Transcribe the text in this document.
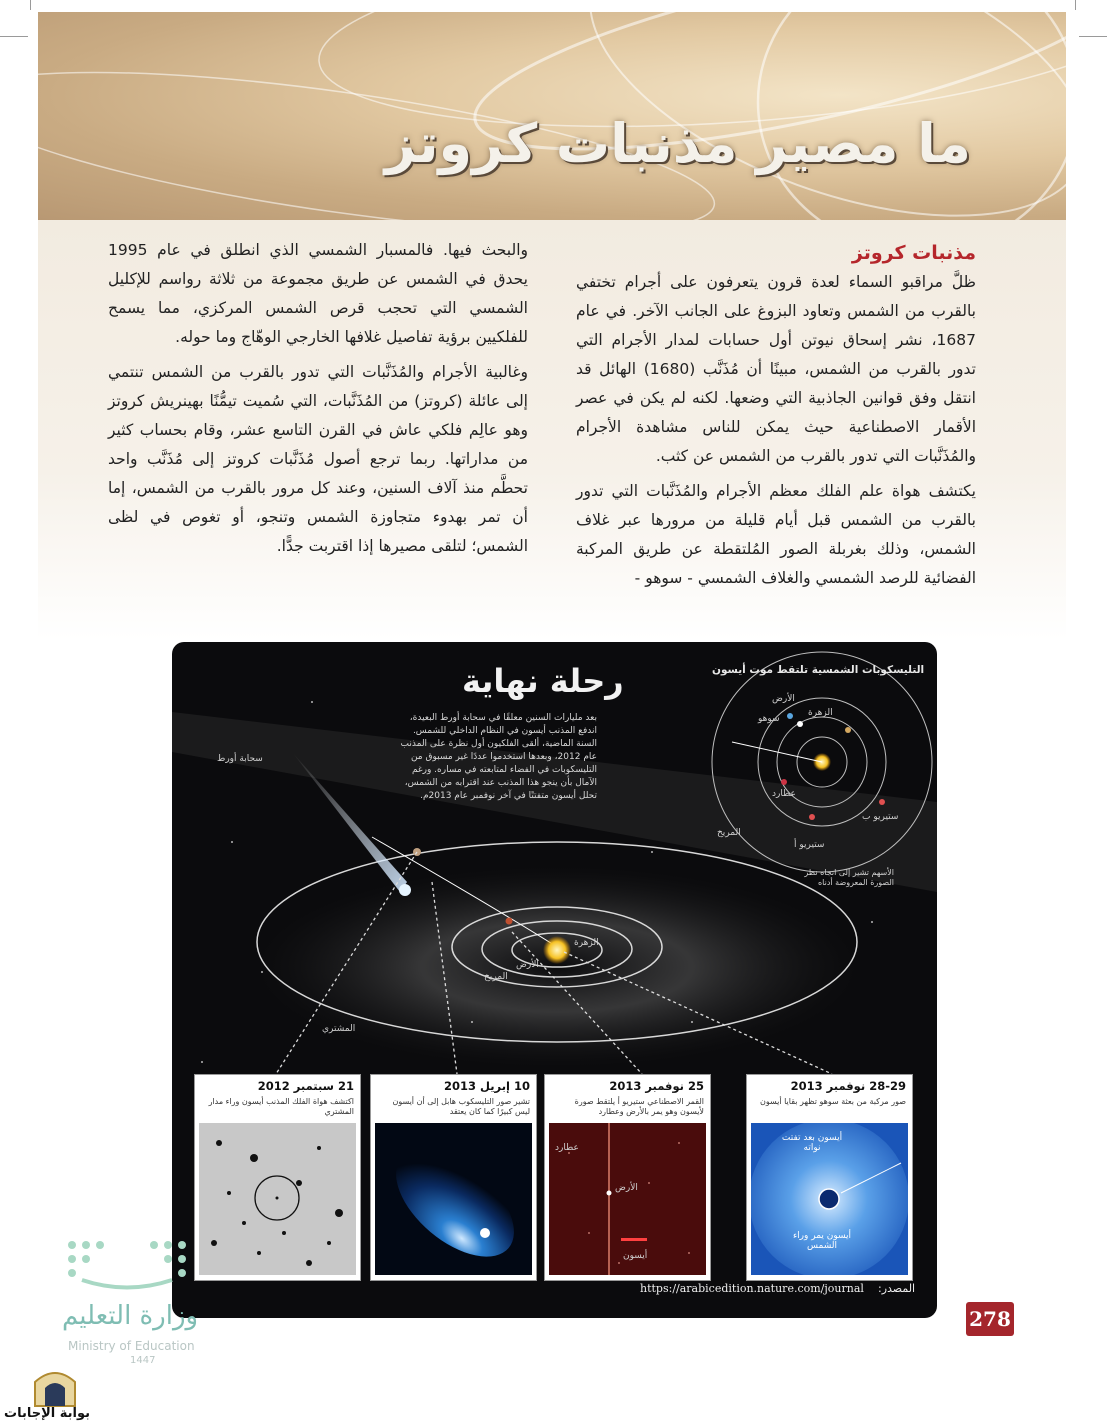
ما مصير مذنبات كروتز
مذنبات كروتز

ظلَّ مراقبو السماء لعدة قرون يتعرفون على أجرام تختفي بالقرب من الشمس وتعاود البزوغ على الجانب الآخر. في عام 1687، نشر إسحاق نيوتن أول حسابات لمدار الأجرام التي تدور بالقرب من الشمس، مبينًا أن مُذَنَّب (1680) الهائل قد انتقل وفق قوانين الجاذبية التي وضعها. لكنه لم يكن في عصر الأقمار الاصطناعية حيث يمكن للناس مشاهدة الأجرام والمُذَنَّبات التي تدور بالقرب من الشمس عن كثب.

يكتشف هواة علم الفلك معظم الأجرام والمُذَنَّبات التي تدور بالقرب من الشمس قبل أيام قليلة من مرورها عبر غلاف الشمس، وذلك بغربلة الصور المُلتقطة عن طريق المركبة الفضائية للرصد الشمسي والغلاف الشمسي - سوهو -

والبحث فيها. فالمسبار الشمسي الذي انطلق في عام 1995 يحدق في الشمس عن طريق مجموعة من ثلاثة رواسم للإكليل الشمسي التي تحجب قرص الشمس المركزي، مما يسمح للفلكيين برؤية تفاصيل غلافها الخارجي الوهّاج وما حوله.

وغالبية الأجرام والمُذَنَّبات التي تدور بالقرب من الشمس تنتمي إلى عائلة (كروتز) من المُذَنَّبات، التي سُميت تيمُّنًا بهينريش كروتز وهو عالِم فلكي عاش في القرن التاسع عشر، وقام بحساب كثير من مداراتها. ربما ترجع أصول مُذَنَّبات كروتز إلى مُذَنَّب واحد تحطَّم منذ آلاف السنين، وعند كل مرور بالقرب من الشمس، إما أن تمر بهدوء متجاوزة الشمس وتنجو، أو تغوص في لظى الشمس؛ لتلقى مصيرها إذا اقتربت جدًّا.

رحلة نهاية
بعد مليارات السنين معلقًا في سحابة أورط البعيدة، اندفع المذنب أيسون في النظام الداخلي للشمس. السنة الماضية، ألقى الفلكيون أول نظرة على المذنب عام 2012، وبعدها استخدموا عددًا غير مسبوق من التليسكوبات في الفضاء لمتابعته في مساره. ورغم الآمال بأن ينجو هذا المذنب عند اقترابه من الشمس، تحلل أيسون متفتتًا في آخر نوفمبر عام 2013م.
التليسكوبات الشمسية تلتقط موت أيسون
الأرض
الزهرة
سوهو
عطارد
المريخ
ستيريو أ
ستيريو ب
الأسهم تشير إلى اتجاه نظر الصورة المعروضة أدناه
سحابة أورط
المشتري
المريخ
الأرض
الزهرة
21 سبتمبر 2012
اكتشف هواة الفلك المذنب أيسون وراء مدار المشتري
10 إبريل 2013
تشير صور التليسكوب هابل إلى أن أيسون ليس كبيرًا كما كان يعتقد
25 نوفمبر 2013
القمر الاصطناعي ستيريو أ يلتقط صورة لأيسون وهو يمر بالأرض وعطارد
عطارد
الأرض
أيسون
28-29 نوفمبر 2013
صور مركبة من بعثة سوهو تظهر بقايا أيسون
أيسون بعد تفتت نواته
أيسون يمر وراء الشمس
المصدر:
https://arabicedition.nature.com/journal
278
وزارة التعليم
Ministry of Education
1447
بوابة الإجابات
